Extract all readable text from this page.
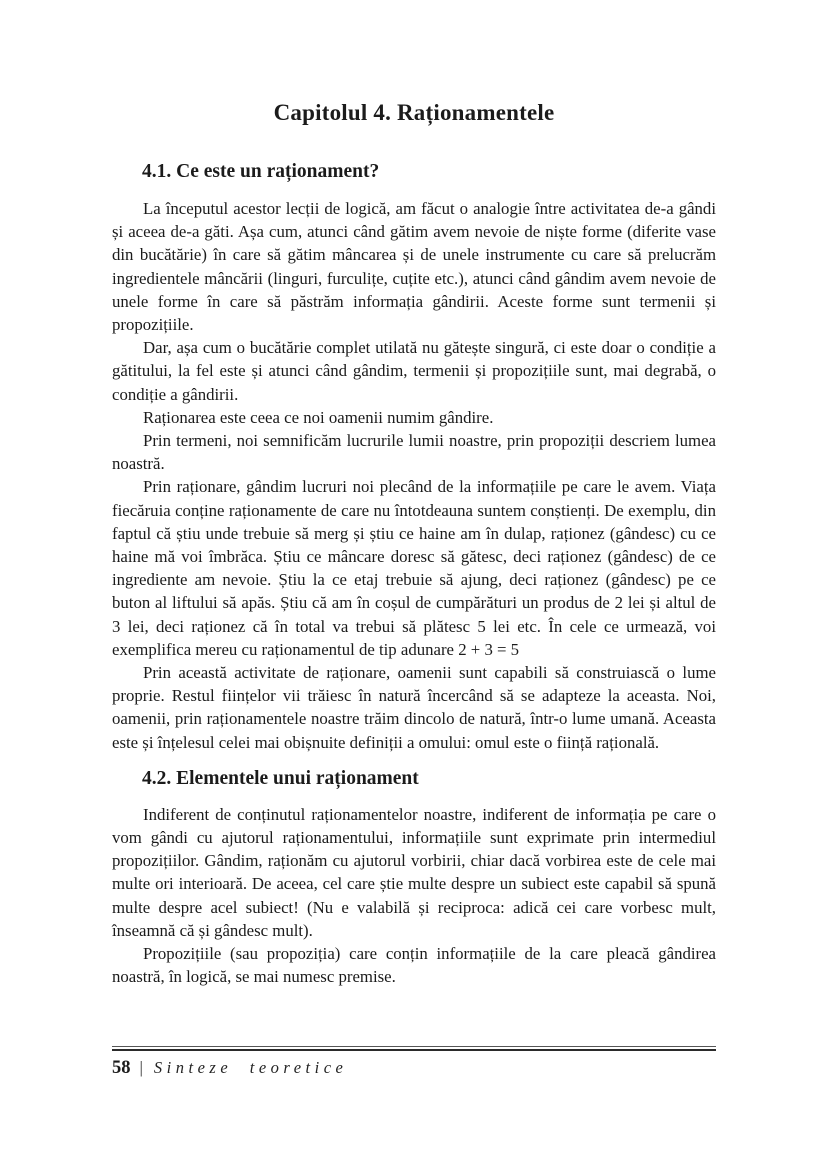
Capitolul 4. Raționamentele
4.1. Ce este un raționament?

La începutul acestor lecții de logică, am făcut o analogie între activitatea de-a gândi și aceea de-a găti. Așa cum, atunci când gătim avem nevoie de niște forme (diferite vase din bucătărie) în care să gătim mâncarea și de unele instrumente cu care să prelucrăm ingredientele mâncării (linguri, furculițe, cuțite etc.), atunci când gândim avem nevoie de unele forme în care să păstrăm informația gândirii. Aceste forme sunt termenii și propozițiile.

Dar, așa cum o bucătărie complet utilată nu gătește singură, ci este doar o condiție a gătitului, la fel este și atunci când gândim, termenii și propozițiile sunt, mai degrabă, o condiție a gândirii.

Raționarea este ceea ce noi oamenii numim gândire.

Prin termeni, noi semnificăm lucrurile lumii noastre, prin propoziții descriem lumea noastră.

Prin raționare, gândim lucruri noi plecând de la informațiile pe care le avem. Viața fiecăruia conține raționamente de care nu întotdeauna suntem conștienți. De exemplu, din faptul că știu unde trebuie să merg și știu ce haine am în dulap, raționez (gândesc) cu ce haine mă voi îmbrăca. Știu ce mâncare doresc să gătesc, deci raționez (gândesc) de ce ingrediente am nevoie. Știu la ce etaj trebuie să ajung, deci raționez (gândesc) pe ce buton al liftului să apăs. Știu că am în coșul de cumpărături un produs de 2 lei și altul de 3 lei, deci raționez că în total va trebui să plătesc 5 lei etc. În cele ce urmează, voi exemplifica mereu cu raționamentul de tip adunare 2 + 3 = 5

Prin această activitate de raționare, oamenii sunt capabili să construiască o lume proprie. Restul ființelor vii trăiesc în natură încercând să se adapteze la aceasta. Noi, oamenii, prin raționamentele noastre trăim dincolo de natură, într-o lume umană. Aceasta este și înțelesul celei mai obișnuite definiții a omului: omul este o ființă rațională.

4.2. Elementele unui raționament

Indiferent de conținutul raționamentelor noastre, indiferent de informația pe care o vom gândi cu ajutorul raționamentului, informațiile sunt exprimate prin intermediul propozițiilor. Gândim, raționăm cu ajutorul vorbirii, chiar dacă vorbirea este de cele mai multe ori interioară. De aceea, cel care știe multe despre un subiect este capabil să spună multe despre acel subiect! (Nu e valabilă și reciproca: adică cei care vorbesc mult, înseamnă că și gândesc mult).

Propozițiile (sau propoziția) care conțin informațiile de la care pleacă gândirea noastră, în logică, se mai numesc premise.

58 | Sinteze teoretice
